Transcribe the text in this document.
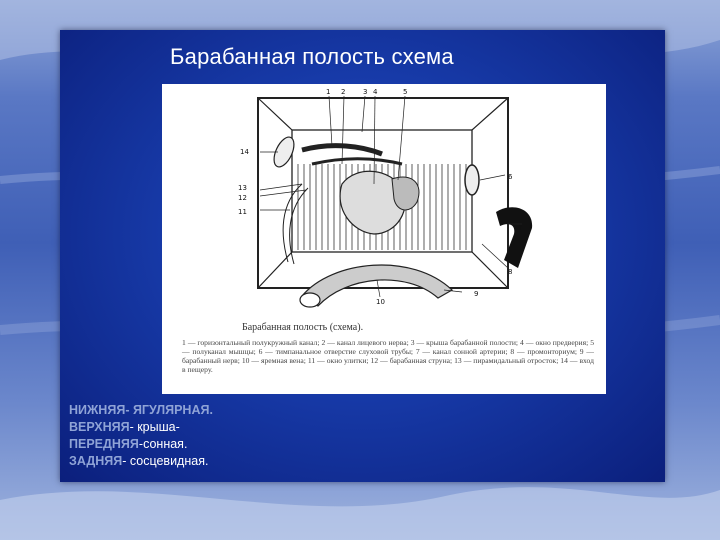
Барабанная полость схема
1 2	3 4	5
6
7
8
9
10
11
12
13
14
Барабанная полость (схема).
1 — горизонтальный полукружный канал; 2 — канал лицевого нерва; 3 — крыша барабанной полости; 4 — окно предверия; 5 — полуканал мышцы; 6 — тимпанальное отверстие слуховой трубы; 7 — канал сонной артерии; 8 — промонториум; 9 — барабанный нерв; 10 — яремная вена; 11 — окно улитки; 12 — барабанная струна; 13 — пирамидальный отросток; 14 — вход в пещеру.
НИЖНЯЯ- ЯГУЛЯРНАЯ.
ВЕРХНЯЯ- крыша-
ПЕРЕДНЯЯ-сонная.
ЗАДНЯЯ- сосцевидная.
